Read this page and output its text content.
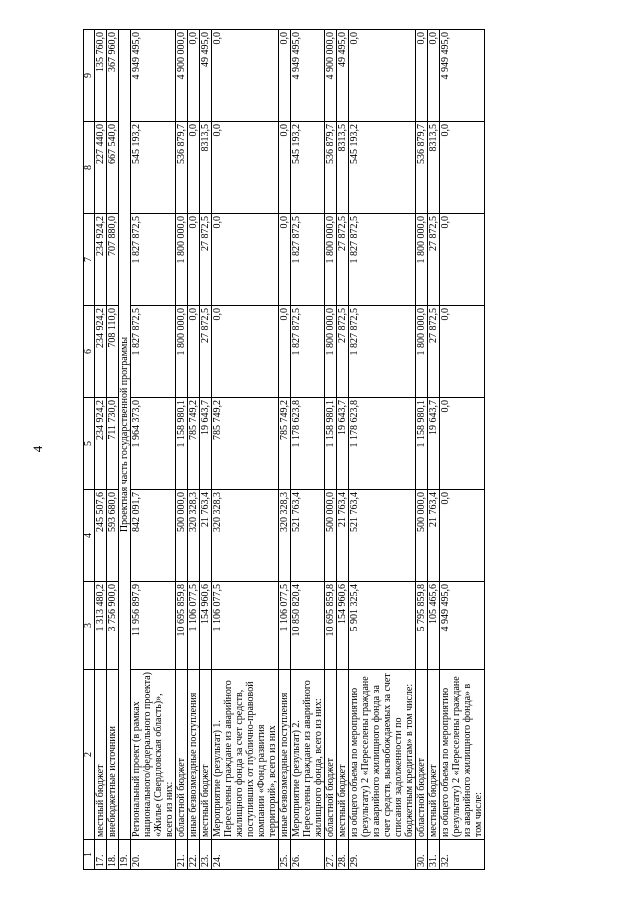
4
1	2	3	4	5	6	7	8	9
17.	местный бюджет	1 313 480,2	245 507,6	234 924,2	234 924,2	234 924,2	227 440,0	135 760,0
18.	внебюджетные источники	3 756 900,0	593 680,0	711 730,0	708 110,0	707 880,0	667 540,0	367 960,0
19.	Проектная часть государственной программы							
20.	Региональный проект (в рамках национального/федерального проекта) «Жилье (Свердловская область)», всего из них:	11 956 897,9	842 091,7	1 964 373,0	1 827 872,5	1 827 872,5	545 193,2	4 949 495,0
21.	областной бюджет	10 695 859,8	500 000,0	1 158 980,1	1 800 000,0	1 800 000,0	536 879,7	4 900 000,0
22.	иные безвозмездные поступления	1 106 077,5	320 328,3	785 749,2	0,0	0,0	0,0	0,0
23.	местный бюджет	154 960,6	21 763,4	19 643,7	27 872,5	27 872,5	8313,5	49 495,0
24.	Мероприятие (результат) 1. Переселены граждане из аварийного жилищного фонда за счет средств, поступивших от публично-правовой компании «Фонд развития территорий», всего из них	1 106 077,5	320 328,3	785 749,2	0,0	0,0	0,0	0,0
25.	иные безвозмездные поступления	1 106 077,5	320 328,3	785 749,2	0,0	0,0	0,0	0,0
26.	Мероприятие (результат) 2. Переселены граждане из аварийного жилищного фонда, всего из них:	10 850 820,4	521 763,4	1 178 623,8	1 827 872,5	1 827 872,5	545 193,2	4 949 495,0
27.	областной бюджет	10 695 859,8	500 000,0	1 158 980,1	1 800 000,0	1 800 000,0	536 879,7	4 900 000,0
28.	местный бюджет	154 960,6	21 763,4	19 643,7	27 872,5	27 872,5	8313,5	49 495,0
29.	из общего объема по мероприятию (результату) 2 «Переселены граждане из аварийного жилищного фонда за счет средств, высвобождаемых за счет списания задолженности по бюджетным кредитам» в том числе:	5 901 325,4	521 763,4	1 178 623,8	1 827 872,5	1 827 872,5	545 193,2	0,0
30.	областной бюджет	5 795 859,8	500 000,0	1 158 980,1	1 800 000,0	1 800 000,0	536 879,7	0,0
31.	местный бюджет	105 465,6	21 763,4	19 643,7	27 872,5	27 872,5	8313,5	0,0
32.	из общего объема по мероприятию (результату) 2 «Переселены граждане из аварийного жилищного фонда» в том числе:	4 949 495,0	0,0	0,0	0,0	0,0	0,0	4 949 495,0
